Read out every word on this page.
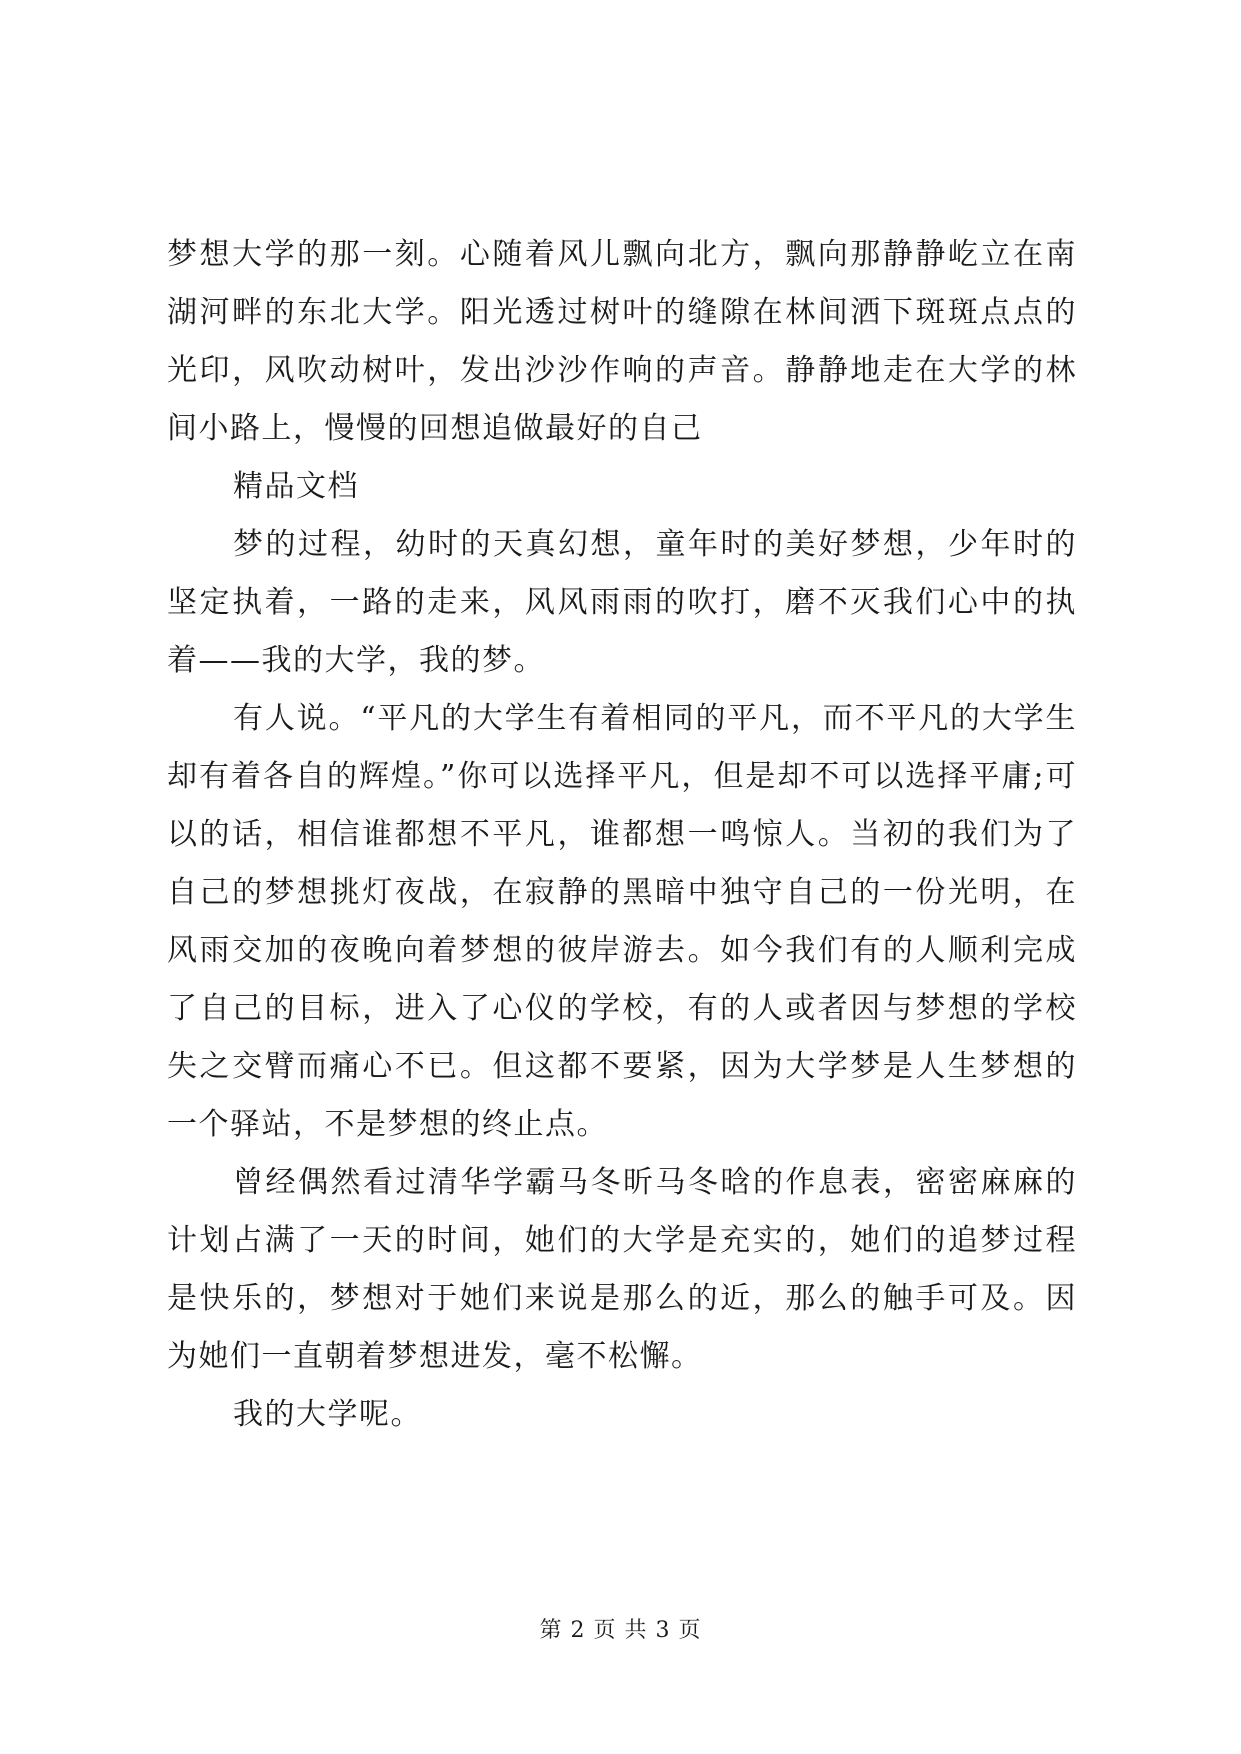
梦想大学的那一刻。心随着风儿飘向北方，飘向那静静屹立在南湖河畔的东北大学。阳光透过树叶的缝隙在林间洒下斑斑点点的光印，风吹动树叶，发出沙沙作响的声音。静静地走在大学的林间小路上，慢慢的回想追做最好的自己

精品文档

梦的过程，幼时的天真幻想，童年时的美好梦想，少年时的坚定执着，一路的走来，风风雨雨的吹打，磨不灭我们心中的执着——我的大学，我的梦。

有人说。“平凡的大学生有着相同的平凡，而不平凡的大学生却有着各自的辉煌。”你可以选择平凡，但是却不可以选择平庸;可以的话，相信谁都想不平凡，谁都想一鸣惊人。当初的我们为了自己的梦想挑灯夜战，在寂静的黑暗中独守自己的一份光明，在风雨交加的夜晚向着梦想的彼岸游去。如今我们有的人顺利完成了自己的目标，进入了心仪的学校，有的人或者因与梦想的学校失之交臂而痛心不已。但这都不要紧，因为大学梦是人生梦想的一个驿站，不是梦想的终止点。

曾经偶然看过清华学霸马冬昕马冬晗的作息表，密密麻麻的计划占满了一天的时间，她们的大学是充实的，她们的追梦过程是快乐的，梦想对于她们来说是那么的近，那么的触手可及。因为她们一直朝着梦想进发，毫不松懈。

我的大学呢。

第 2 页 共 3 页
